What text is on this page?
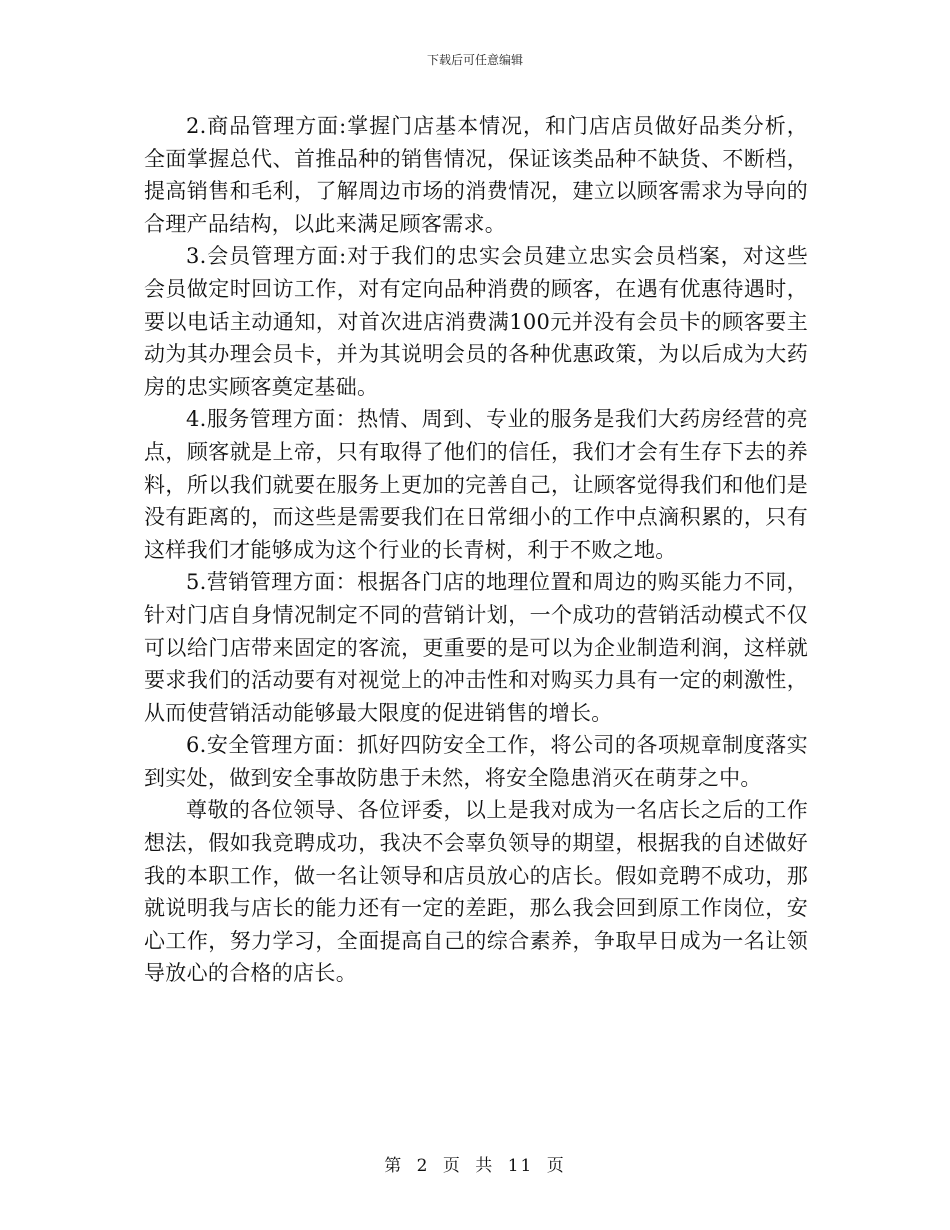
下载后可任意编辑

2.商品管理方面:掌握门店基本情况，和门店店员做好品类分析，全面掌握总代、首推品种的销售情况，保证该类品种不缺货、不断档，提高销售和毛利，了解周边市场的消费情况，建立以顾客需求为导向的合理产品结构，以此来满足顾客需求。

3.会员管理方面:对于我们的忠实会员建立忠实会员档案，对这些会员做定时回访工作，对有定向品种消费的顾客，在遇有优惠待遇时，要以电话主动通知，对首次进店消费满100元并没有会员卡的顾客要主动为其办理会员卡，并为其说明会员的各种优惠政策，为以后成为大药房的忠实顾客奠定基础。

4.服务管理方面：热情、周到、专业的服务是我们大药房经营的亮点，顾客就是上帝，只有取得了他们的信任，我们才会有生存下去的养料，所以我们就要在服务上更加的完善自己，让顾客觉得我们和他们是没有距离的，而这些是需要我们在日常细小的工作中点滴积累的，只有这样我们才能够成为这个行业的长青树，利于不败之地。

5.营销管理方面：根据各门店的地理位置和周边的购买能力不同，针对门店自身情况制定不同的营销计划，一个成功的营销活动模式不仅可以给门店带来固定的客流，更重要的是可以为企业制造利润，这样就要求我们的活动要有对视觉上的冲击性和对购买力具有一定的刺激性，从而使营销活动能够最大限度的促进销售的增长。

6.安全管理方面：抓好四防安全工作，将公司的各项规章制度落实到实处，做到安全事故防患于未然，将安全隐患消灭在萌芽之中。

尊敬的各位领导、各位评委，以上是我对成为一名店长之后的工作想法，假如我竞聘成功，我决不会辜负领导的期望，根据我的自述做好我的本职工作，做一名让领导和店员放心的店长。假如竞聘不成功，那就说明我与店长的能力还有一定的差距，那么我会回到原工作岗位，安心工作，努力学习，全面提高自己的综合素养，争取早日成为一名让领导放心的合格的店长。

第 2 页 共 11 页
